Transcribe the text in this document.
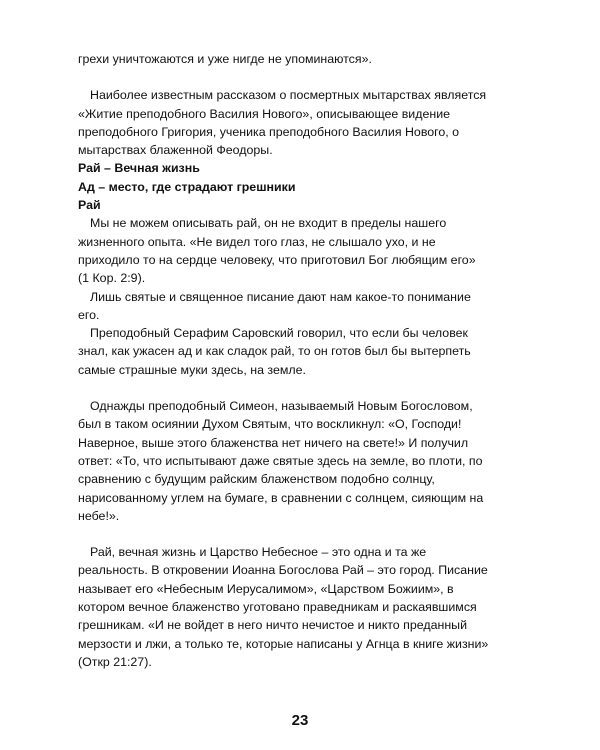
грехи уничтожаются и уже нигде не упоминаются».

Наиболее известным рассказом о посмертных мытарствах является
«Житие преподобного Василия Нового», описывающее видение
преподобного Григория, ученика преподобного Василия Нового, о
мытарствах блаженной Феодоры.

Рай – Вечная жизнь

Ад – место, где страдают грешники

Рай

Мы не можем описывать рай, он не входит в пределы нашего
жизненного опыта. «Не видел того глаз, не слышало ухо, и не
приходило то на сердце человеку, что приготовил Бог любящим его»
(1 Кор. 2:9).

Лишь святые и священное писание дают нам какое-то понимание
его.

Преподобный Серафим Саровский говорил, что если бы человек
знал, как ужасен ад и как сладок рай, то он готов был бы вытерпеть
самые страшные муки здесь, на земле.

Однажды преподобный Симеон, называемый Новым Богословом,
был в таком осиянии Духом Святым, что воскликнул: «О, Господи!
Наверное, выше этого блаженства нет ничего на свете!» И получил
ответ: «То, что испытывают даже святые здесь на земле, во плоти, по
сравнению с будущим райским блаженством подобно солнцу,
нарисованному углем на бумаге, в сравнении с солнцем, сияющим на
небе!».

Рай, вечная жизнь и Царство Небесное – это одна и та же
реальность. В откровении Иоанна Богослова Рай – это город. Писание
называет его «Небесным Иерусалимом», «Царством Божиим», в
котором вечное блаженство уготовано праведникам и раскаявшимся
грешникам. «И не войдет в него ничто нечистое и никто преданный
мерзости и лжи, а только те, которые написаны у Агнца в книге жизни»
(Откр 21:27).

23
